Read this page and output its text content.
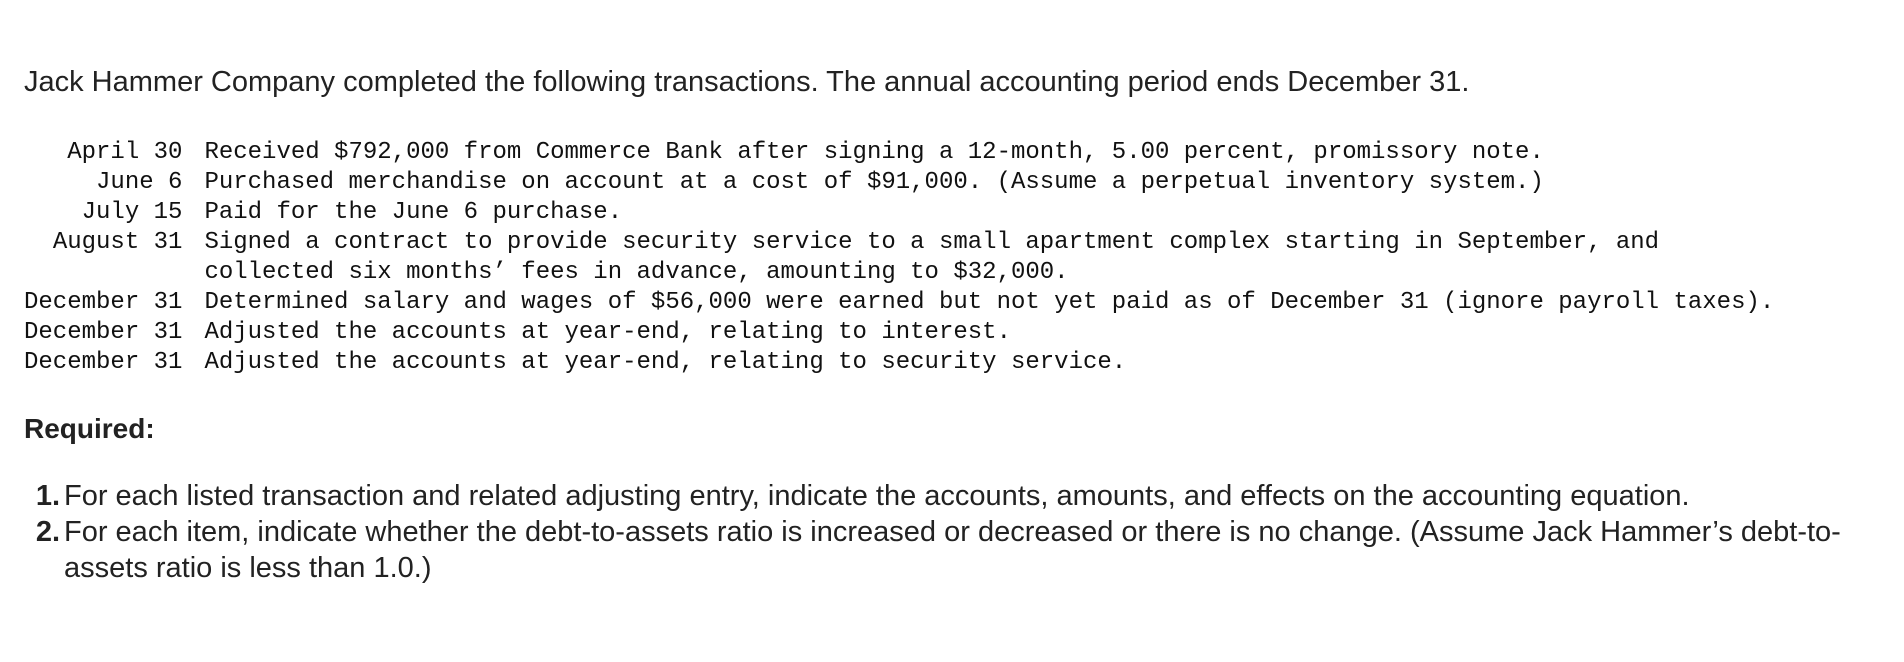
Jack Hammer Company completed the following transactions. The annual accounting period ends December 31.

April 30	Received $792,000 from Commerce Bank after signing a 12-month, 5.00 percent, promissory note.
June 6	Purchased merchandise on account at a cost of $91,000. (Assume a perpetual inventory system.)
July 15	Paid for the June 6 purchase.
August 31	Signed a contract to provide security service to a small apartment complex starting in September, and collected six months’ fees in advance, amounting to $32,000.
December 31	Determined salary and wages of $56,000 were earned but not yet paid as of December 31 (ignore payroll taxes).
December 31	Adjusted the accounts at year-end, relating to interest.
December 31	Adjusted the accounts at year-end, relating to security service.

Required:

1. For each listed transaction and related adjusting entry, indicate the accounts, amounts, and effects on the accounting equation.
2. For each item, indicate whether the debt-to-assets ratio is increased or decreased or there is no change. (Assume Jack Hammer’s debt-to-assets ratio is less than 1.0.)
